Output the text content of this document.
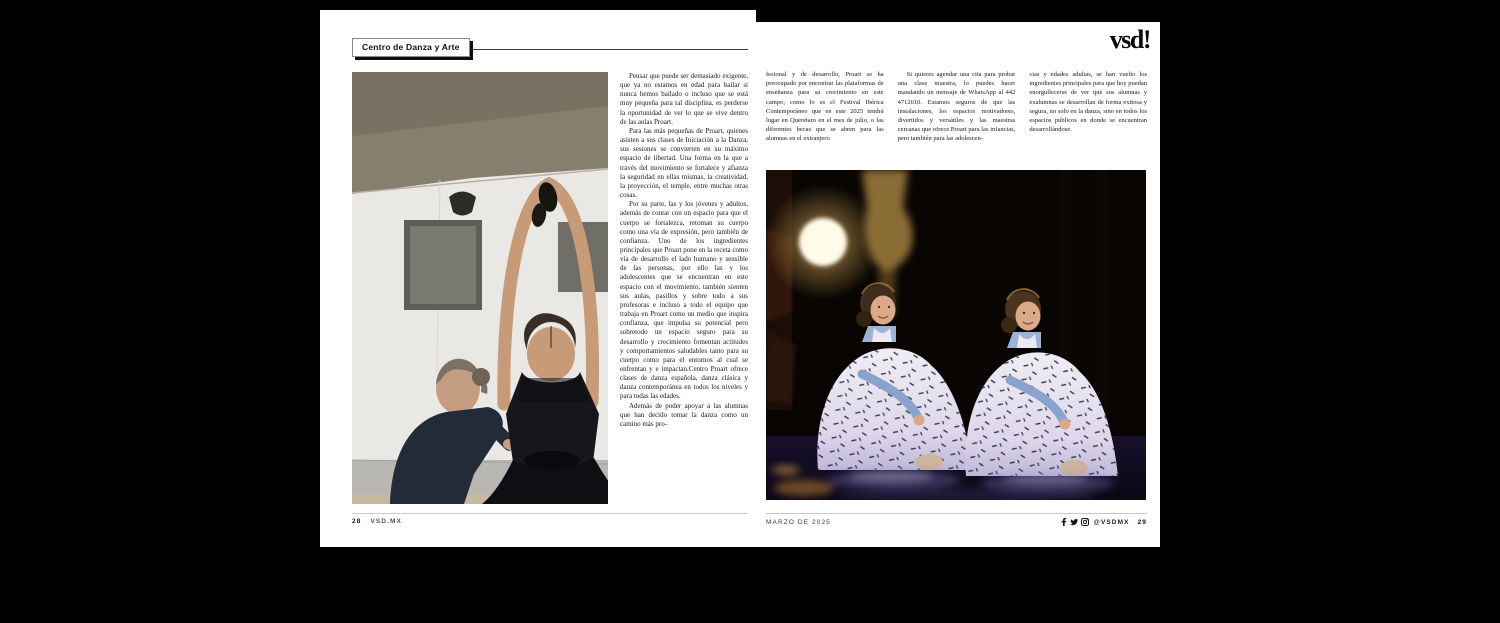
Centro de Danza y Arte

Pensar que puede ser demasiado exigente, que ya no estamos en edad para bailar si nunca hemos bailado o incluso que se está muy pequeña para tal disciplina, es perderse la oportunidad de ver lo que se vive dentro de las aulas Proart.

Para las más pequeñas de Proart, quienes asisten a sus clases de Iniciación a la Danza, sus sesiones se convierten en su máximo espacio de libertad. Una forma en la que a través del movimiento se fortalece y afianza la seguridad en ellas mismas, la creatividad, la proyección, el temple, entre muchas otras cosas.

Por su parte, las y los jóvenes y adultos, además de contar con un espacio para que el cuerpo se fortalezca, retoman su cuerpo como una vía de expresión, pero también de confianza. Uno de los ingredientes principales que Proart pone en la receta como vía de desarrollo el lado humano y sensible de las personas, por ello las y los adolescentes que se encuentran en este espacio con el movimiento, también sienten sus aulas, pasillos y sobre todo a sus profesoras e incluso a todo el equipo que trabaja en Proart como un medio que inspira confianza, que impulsa su potencial pero sobretodo un espacio seguro para su desarrollo y crecimiento fomentan actitudes y comportamientos saludables tanto para su cuerpo como para el entornos al cual se enfrentan y e impactan.Centro Proart ofrece clases de danza española, danza clásica y danza contemporánea en todos los niveles y para todas las edades.

Además de poder apoyar a las alumnas que han decido tomar la danza como un camino más pro-

28 VSD.MX
vsd!

fesional y de desarrollo, Proart se ha preocupado por encontrar las plataformas de enseñanza para su crecimiento en este campo, como lo es el Festival Ibérica Contemporáneo que en este 2025 tendrá lugar en Querétaro en el mes de julio, o las diferentes becas que se abren para las alumnas en el extranjero

Si quieres agendar una cita para probar una clase muestra, lo puedes hacer mandando un mensaje de WhatsApp al 442 4712610. Estamos seguros de que las instalaciones, los espacios motivadores, divertidos y versátiles y las maestras cercanas que ofrece Proart para las infancias, pero también para las adolescen-

cias y edades adultas, se han vuelto los ingredientes principales para que hoy puedan enorgullecerse de ver que sus alumnas y exalumnas se desarrollan de forma exitosa y segura, no solo en la danza, sino en todos los espacios públicos en donde se encuentran desarrollándose.

MARZO DE 2025	@VSDMX 29
